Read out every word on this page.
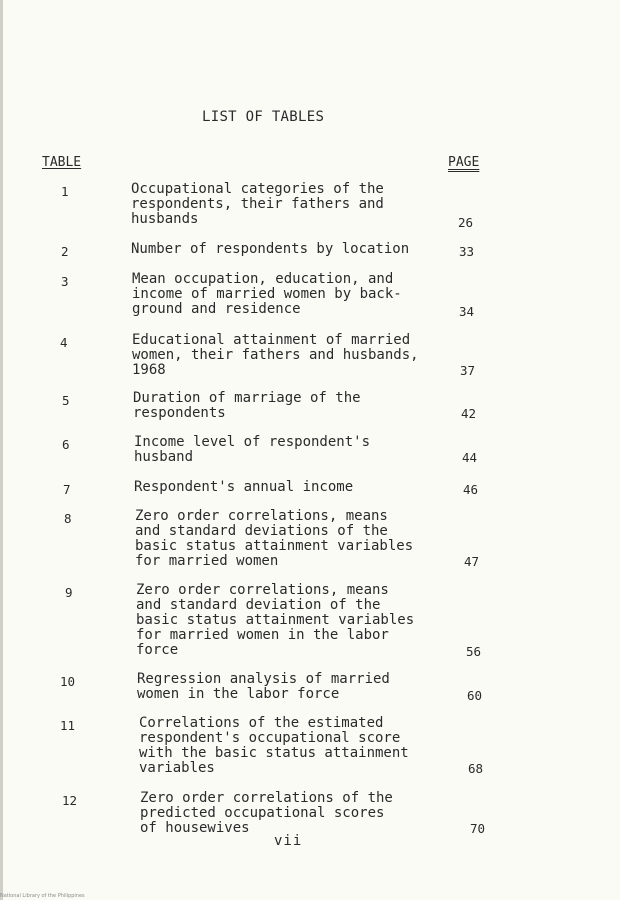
LIST OF TABLES
TABLE	PAGE
1	Occupational categories of the
respondents, their fathers and
husbands	26
2	Number of respondents by location	33
3	Mean occupation, education, and
income of married women by back-
ground and residence	34
4	Educational attainment of married
women, their fathers and husbands,
1968	37
5	Duration of marriage of the
respondents	42
6	Income level of respondent's
husband	44
7	Respondent's annual income	46
8	Zero order correlations, means
and standard deviations of the
basic status attainment variables
for married women	47
9	Zero order correlations, means
and standard deviation of the
basic status attainment variables
for married women in the labor
force	56
10	Regression analysis of married
women in the labor force	60
11	Correlations of the estimated
respondent's occupational score
with the basic status attainment
variables	68
12	Zero order correlations of the
predicted occupational scores
of housewives	70
vii
National Library of the Philippines
